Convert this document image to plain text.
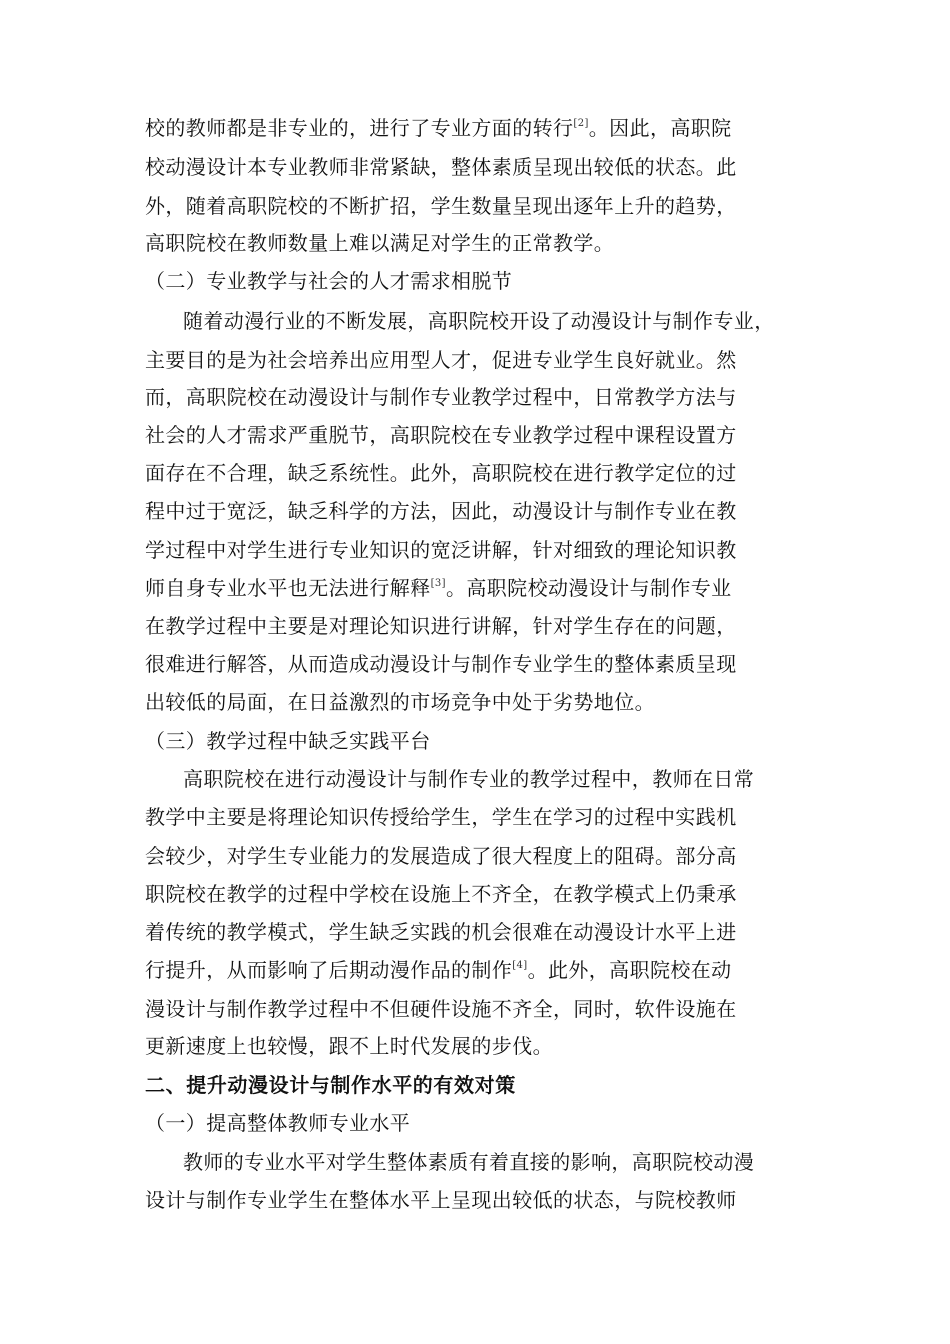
校的教师都是非专业的，进行了专业方面的转行[2]。因此，高职院
校动漫设计本专业教师非常紧缺，整体素质呈现出较低的状态。此
外，随着高职院校的不断扩招，学生数量呈现出逐年上升的趋势，
高职院校在教师数量上难以满足对学生的正常教学。
（二）专业教学与社会的人才需求相脱节
随着动漫行业的不断发展，高职院校开设了动漫设计与制作专业，
主要目的是为社会培养出应用型人才，促进专业学生良好就业。然
而，高职院校在动漫设计与制作专业教学过程中，日常教学方法与
社会的人才需求严重脱节，高职院校在专业教学过程中课程设置方
面存在不合理，缺乏系统性。此外，高职院校在进行教学定位的过
程中过于宽泛，缺乏科学的方法，因此，动漫设计与制作专业在教
学过程中对学生进行专业知识的宽泛讲解，针对细致的理论知识教
师自身专业水平也无法进行解释[3]。高职院校动漫设计与制作专业
在教学过程中主要是对理论知识进行讲解，针对学生存在的问题，
很难进行解答，从而造成动漫设计与制作专业学生的整体素质呈现
出较低的局面，在日益激烈的市场竞争中处于劣势地位。
（三）教学过程中缺乏实践平台
高职院校在进行动漫设计与制作专业的教学过程中，教师在日常
教学中主要是将理论知识传授给学生，学生在学习的过程中实践机
会较少，对学生专业能力的发展造成了很大程度上的阻碍。部分高
职院校在教学的过程中学校在设施上不齐全，在教学模式上仍秉承
着传统的教学模式，学生缺乏实践的机会很难在动漫设计水平上进
行提升，从而影响了后期动漫作品的制作[4]。此外，高职院校在动
漫设计与制作教学过程中不但硬件设施不齐全，同时，软件设施在
更新速度上也较慢，跟不上时代发展的步伐。
二、提升动漫设计与制作水平的有效对策
（一）提高整体教师专业水平
教师的专业水平对学生整体素质有着直接的影响，高职院校动漫
设计与制作专业学生在整体水平上呈现出较低的状态，与院校教师
